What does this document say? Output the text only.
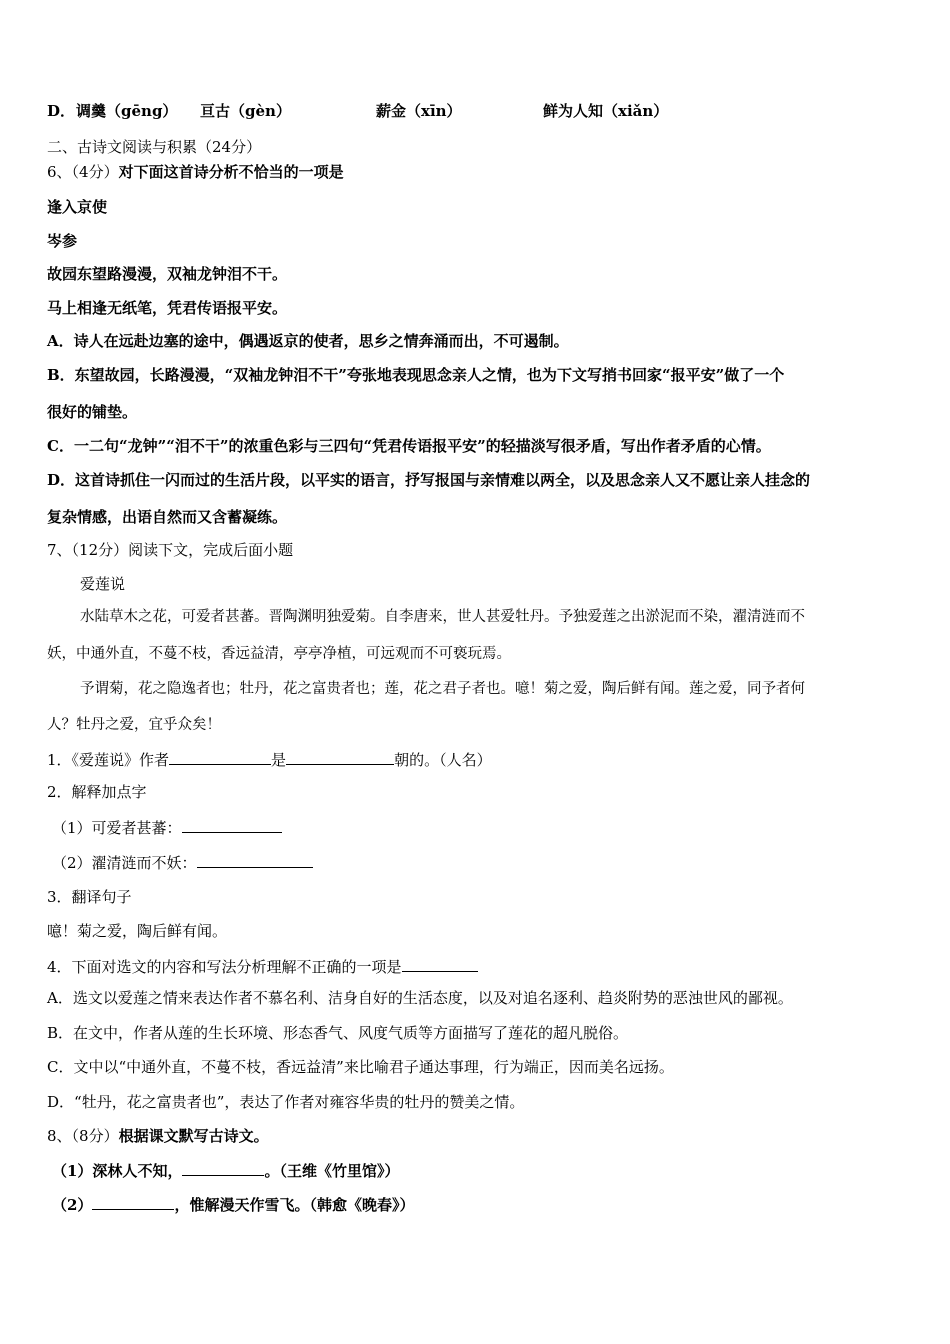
D． 调羹（gēng） 亘古（gèn）	薪金（xīn）	鲜为人知（xiǎn）
二、古诗文阅读与积累（24分）
6、（4分）对下面这首诗分析不恰当的一项是
逢入京使
岑参
故园东望路漫漫，双袖龙钟泪不干。
马上相逢无纸笔，凭君传语报平安。
A．诗人在远赴边塞的途中，偶遇返京的使者，思乡之情奔涌而出，不可遏制。
B．东望故园，长路漫漫，“双袖龙钟泪不干”夸张地表现思念亲人之情，也为下文写捎书回家“报平安”做了一个
很好的铺垫。
C．一二句“龙钟”“泪不干”的浓重色彩与三四句“凭君传语报平安”的轻描淡写很矛盾，写出作者矛盾的心情。
D．这首诗抓住一闪而过的生活片段，以平实的语言，抒写报国与亲情难以两全，以及思念亲人又不愿让亲人挂念的
复杂情感，出语自然而又含蓄凝练。
7、（12分）阅读下文，完成后面小题
爱莲说
水陆草木之花，可爱者甚蕃。晋陶渊明独爱菊。自李唐来，世人甚爱牡丹。予独爱莲之出淤泥而不染，濯清涟而不
妖，中通外直，不蔓不枝，香远益清，亭亭净植，可远观而不可亵玩焉。
予谓菊，花之隐逸者也；牡丹，花之富贵者也；莲，花之君子者也。噫！菊之爱，陶后鲜有闻。莲之爱，同予者何
人？牡丹之爱，宜乎众矣！
1．《爱莲说》作者	是	朝的。（人名）
2．解释加点字
（1）可爱者甚蕃：
（2）濯清涟而不妖：
3．翻译句子
噫！菊之爱，陶后鲜有闻。
4．下面对选文的内容和写法分析理解不正确的一项是
A．选文以爱莲之情来表达作者不慕名利、洁身自好的生活态度，以及对追名逐利、趋炎附势的恶浊世风的鄙视。
B．在文中，作者从莲的生长环境、形态香气、风度气质等方面描写了莲花的超凡脱俗。
C．文中以“中通外直，不蔓不枝，香远益清”来比喻君子通达事理，行为端正，因而美名远扬。
D．“牡丹，花之富贵者也”，表达了作者对雍容华贵的牡丹的赞美之情。
8、（8分）根据课文默写古诗文。
（1）深林人不知，	。（王维《竹里馆》）
（2）	，惟解漫天作雪飞。（韩愈《晚春》）
